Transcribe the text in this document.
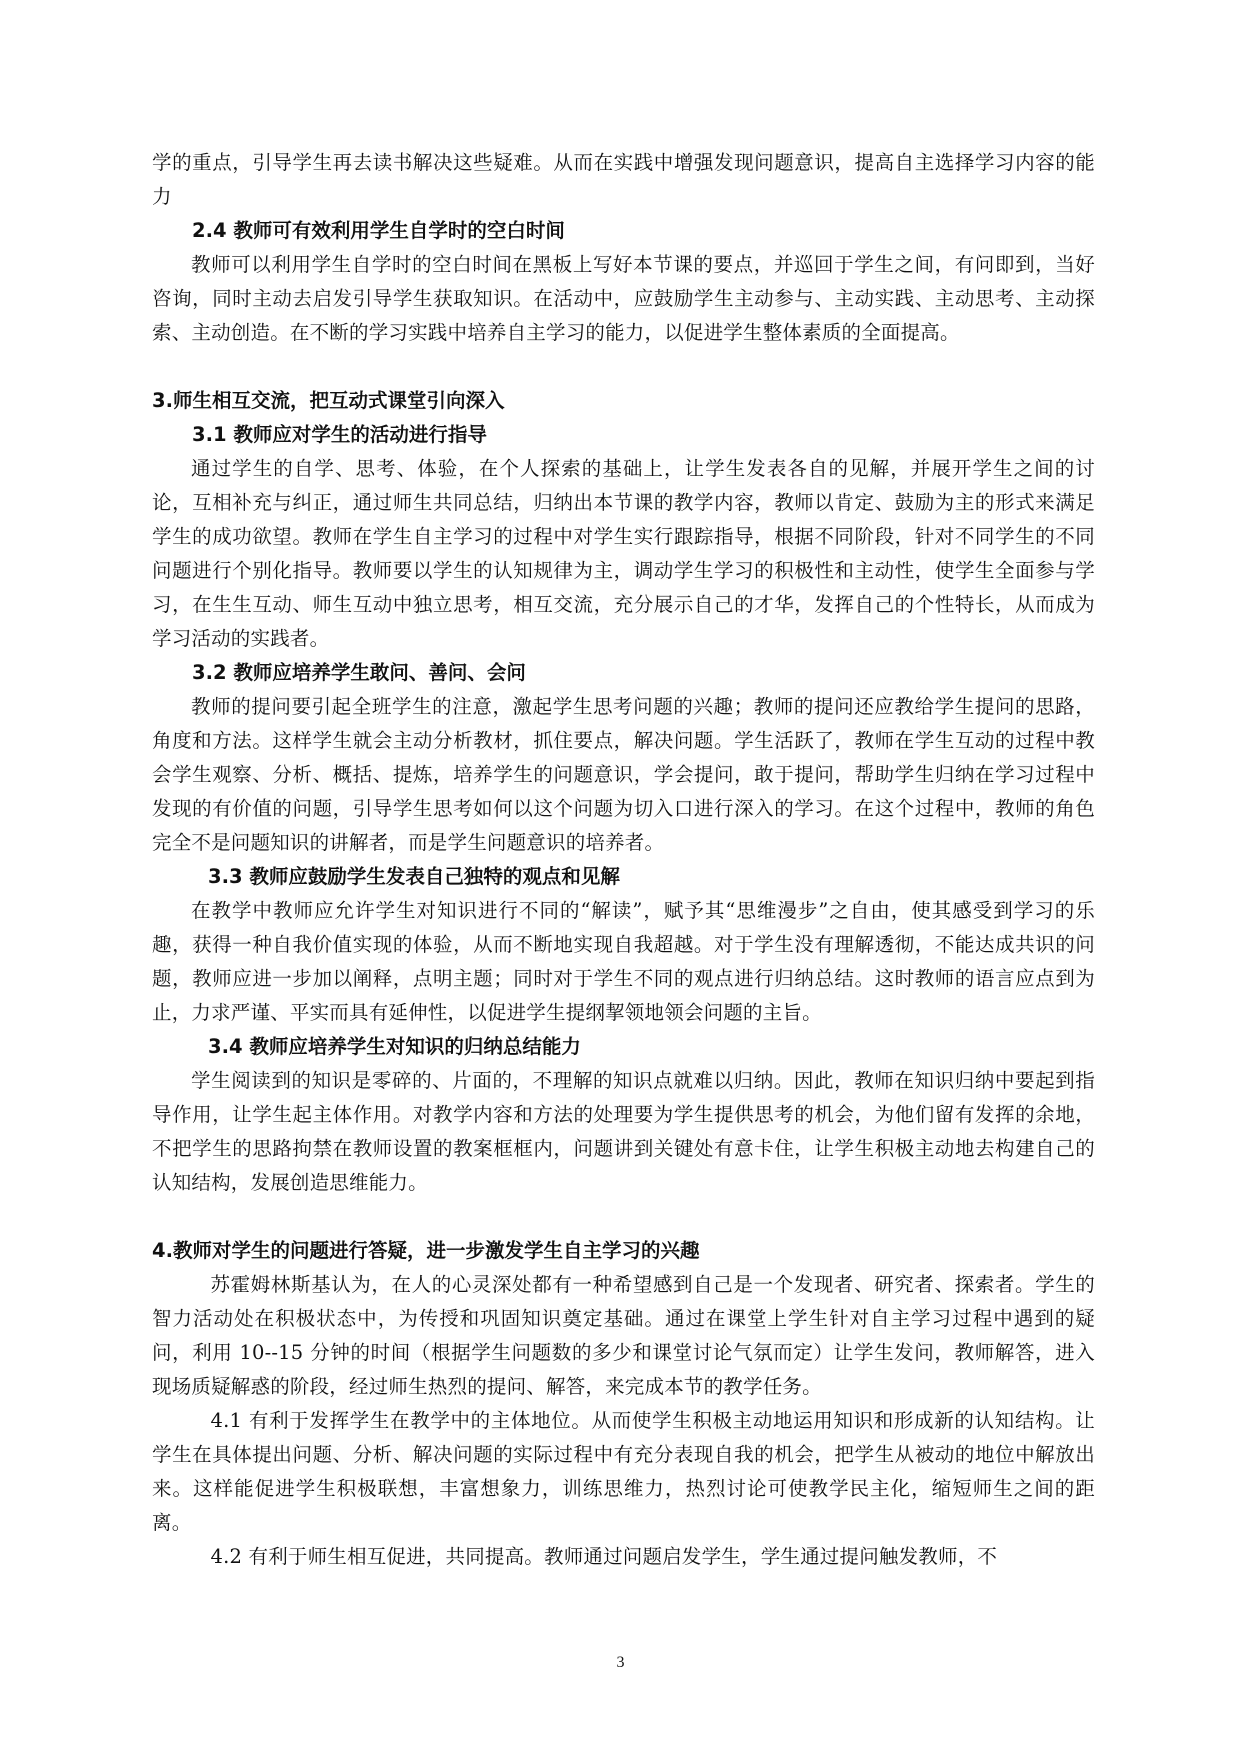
学的重点，引导学生再去读书解决这些疑难。从而在实践中增强发现问题意识，提高自主选择学习内容的能力

2.4 教师可有效利用学生自学时的空白时间

教师可以利用学生自学时的空白时间在黑板上写好本节课的要点，并巡回于学生之间，有问即到，当好咨询，同时主动去启发引导学生获取知识。在活动中，应鼓励学生主动参与、主动实践、主动思考、主动探索、主动创造。在不断的学习实践中培养自主学习的能力，以促进学生整体素质的全面提高。

3.师生相互交流，把互动式课堂引向深入

3.1 教师应对学生的活动进行指导

通过学生的自学、思考、体验，在个人探索的基础上，让学生发表各自的见解，并展开学生之间的讨论，互相补充与纠正，通过师生共同总结，归纳出本节课的教学内容，教师以肯定、鼓励为主的形式来满足学生的成功欲望。教师在学生自主学习的过程中对学生实行跟踪指导，根据不同阶段，针对不同学生的不同问题进行个别化指导。教师要以学生的认知规律为主，调动学生学习的积极性和主动性，使学生全面参与学习，在生生互动、师生互动中独立思考，相互交流，充分展示自己的才华，发挥自己的个性特长，从而成为学习活动的实践者。

3.2 教师应培养学生敢问、善问、会问

教师的提问要引起全班学生的注意，激起学生思考问题的兴趣；教师的提问还应教给学生提问的思路，角度和方法。这样学生就会主动分析教材，抓住要点，解决问题。学生活跃了，教师在学生互动的过程中教会学生观察、分析、概括、提炼，培养学生的问题意识，学会提问，敢于提问，帮助学生归纳在学习过程中发现的有价值的问题，引导学生思考如何以这个问题为切入口进行深入的学习。在这个过程中，教师的角色完全不是问题知识的讲解者，而是学生问题意识的培养者。

3.3 教师应鼓励学生发表自己独特的观点和见解

在教学中教师应允许学生对知识进行不同的“解读”，赋予其“思维漫步”之自由，使其感受到学习的乐趣，获得一种自我价值实现的体验，从而不断地实现自我超越。对于学生没有理解透彻，不能达成共识的问题，教师应进一步加以阐释，点明主题；同时对于学生不同的观点进行归纳总结。这时教师的语言应点到为止，力求严谨、平实而具有延伸性，以促进学生提纲挈领地领会问题的主旨。

3.4 教师应培养学生对知识的归纳总结能力

学生阅读到的知识是零碎的、片面的，不理解的知识点就难以归纳。因此，教师在知识归纳中要起到指导作用，让学生起主体作用。对教学内容和方法的处理要为学生提供思考的机会，为他们留有发挥的余地，不把学生的思路拘禁在教师设置的教案框框内，问题讲到关键处有意卡住，让学生积极主动地去构建自己的认知结构，发展创造思维能力。

4.教师对学生的问题进行答疑，进一步激发学生自主学习的兴趣

苏霍姆林斯基认为，在人的心灵深处都有一种希望感到自己是一个发现者、研究者、探索者。学生的智力活动处在积极状态中，为传授和巩固知识奠定基础。通过在课堂上学生针对自主学习过程中遇到的疑问，利用 10--15 分钟的时间（根据学生问题数的多少和课堂讨论气氛而定）让学生发问，教师解答，进入现场质疑解惑的阶段，经过师生热烈的提问、解答，来完成本节的教学任务。

4.1 有利于发挥学生在教学中的主体地位。从而使学生积极主动地运用知识和形成新的认知结构。让学生在具体提出问题、分析、解决问题的实际过程中有充分表现自我的机会，把学生从被动的地位中解放出来。这样能促进学生积极联想，丰富想象力，训练思维力，热烈讨论可使教学民主化，缩短师生之间的距离。

4.2 有利于师生相互促进，共同提高。教师通过问题启发学生，学生通过提问触发教师，不

3
